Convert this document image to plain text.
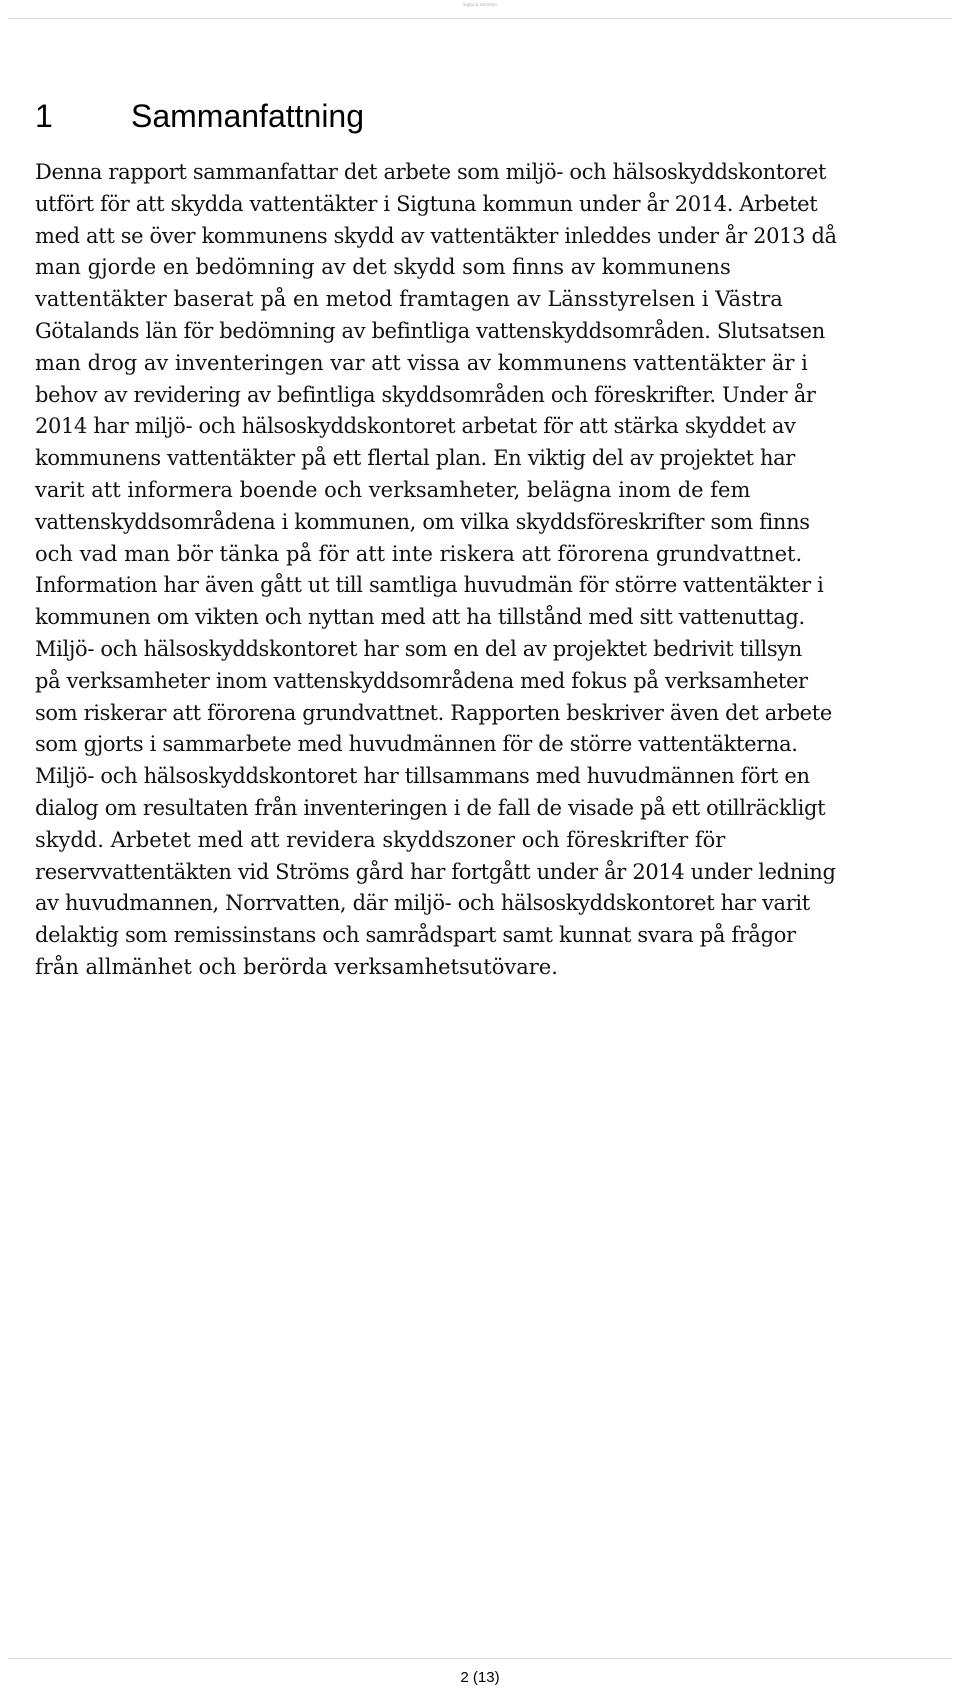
Sigtuna kommun
1 Sammanfattning
Denna rapport sammanfattar det arbete som miljö- och hälsoskyddskontoret
utfört för att skydda vattentäkter i Sigtuna kommun under år 2014. Arbetet
med att se över kommunens skydd av vattentäkter inleddes under år 2013 då
man gjorde en bedömning av det skydd som finns av kommunens
vattentäkter baserat på en metod framtagen av Länsstyrelsen i Västra
Götalands län för bedömning av befintliga vattenskyddsområden. Slutsatsen
man drog av inventeringen var att vissa av kommunens vattentäkter är i
behov av revidering av befintliga skyddsområden och föreskrifter. Under år
2014 har miljö- och hälsoskyddskontoret arbetat för att stärka skyddet av
kommunens vattentäkter på ett flertal plan. En viktig del av projektet har
varit att informera boende och verksamheter, belägna inom de fem
vattenskyddsområdena i kommunen, om vilka skyddsföreskrifter som finns
och vad man bör tänka på för att inte riskera att förorena grundvattnet.
Information har även gått ut till samtliga huvudmän för större vattentäkter i
kommunen om vikten och nyttan med att ha tillstånd med sitt vattenuttag.
Miljö- och hälsoskyddskontoret har som en del av projektet bedrivit tillsyn
på verksamheter inom vattenskyddsområdena med fokus på verksamheter
som riskerar att förorena grundvattnet. Rapporten beskriver även det arbete
som gjorts i sammarbete med huvudmännen för de större vattentäkterna.
Miljö- och hälsoskyddskontoret har tillsammans med huvudmännen fört en
dialog om resultaten från inventeringen i de fall de visade på ett otillräckligt
skydd. Arbetet med att revidera skyddszoner och föreskrifter för
reservvattentäkten vid Ströms gård har fortgått under år 2014 under ledning
av huvudmannen, Norrvatten, där miljö- och hälsoskyddskontoret har varit
delaktig som remissinstans och samrådspart samt kunnat svara på frågor
från allmänhet och berörda verksamhetsutövare.
2 (13)
